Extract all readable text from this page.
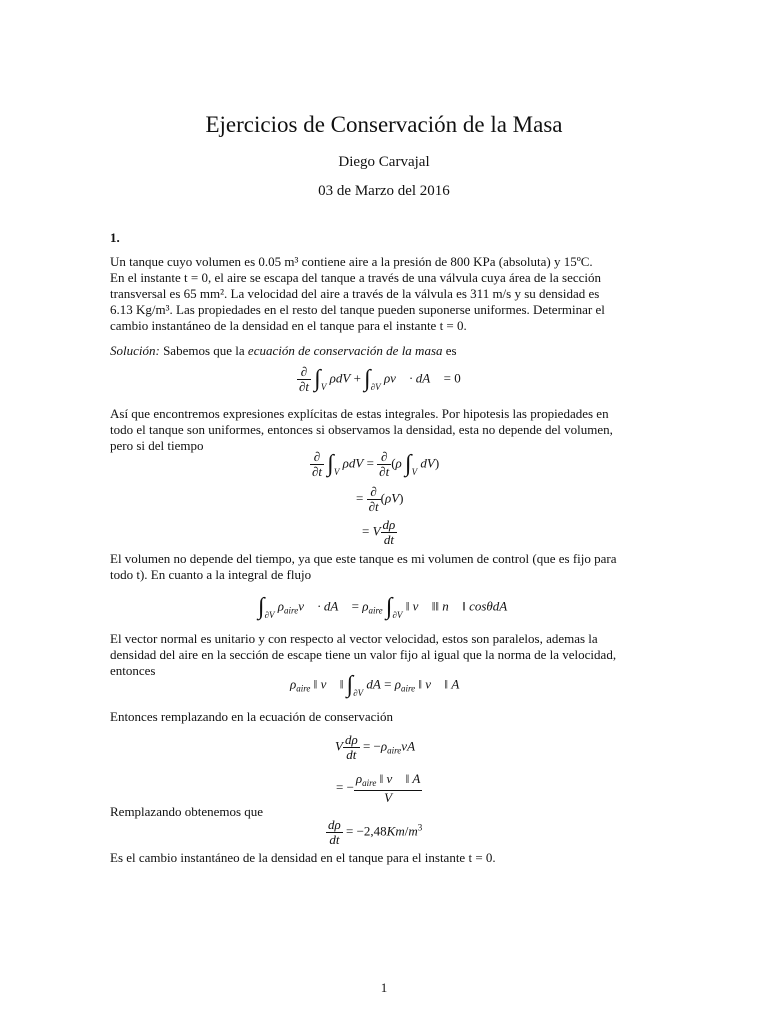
Ejercicios de Conservación de la Masa
Diego Carvajal
03 de Marzo del 2016
1.
Un tanque cuyo volumen es 0.05 m³ contiene aire a la presión de 800 KPa (absoluta) y 15ºC.
En el instante t = 0, el aire se escapa del tanque a través de una válvula cuya área de la sección
transversal es 65 mm². La velocidad del aire a través de la válvula es 311 m/s y su densidad es
6.13 Kg/m³. Las propiedades en el resto del tanque pueden suponerse uniformes. Determinar el
cambio instantáneo de la densidad en el tanque para el instante t = 0.
Solución: Sabemos que la ecuación de conservación de la masa es
$\frac{\partial}{\partial t} \int_V$ $\rho dV + \int_{\partial V}$ ρv⃗ · dA⃗ = 0
Así que encontremos expresiones explícitas de estas integrales. Por hipotesis las propiedades en
todo el tanque son uniformes, entonces si observamos la densidad, esta no depende del volumen,
pero si del tiempo
$\frac{\partial}{\partial t} \int_V$ $\rho dV = \frac{\partial}{\partial t} (\rho$ $\int_V$ dV)
= $\frac{\partial}{\partial t} (\rho V)$
= V $\frac{d\rho}{dt}$
El volumen no depende del tiempo, ya que este tanque es mi volumen de control (que es fijo para
todo t). En cuanto a la integral de flujo
$\int_{\partial V}$ $\rho_{aire}v⃗$ · dA⃗ = $\rho_{aire}$ $\int_{\partial V}$ ‖ v⃗ ‖‖ n⃗ ‖ cosθdA
El vector normal es unitario y con respecto al vector velocidad, estos son paralelos, ademas la
densidad del aire en la sección de escape tiene un valor fijo al igual que la norma de la velocidad,
entonces
$\rho_{aire}$ ‖ v⃗ ‖ $\int_{\partial V}$ dA = $\rho_{aire}$ ‖ v⃗ ‖ A
Entonces remplazando en la ecuación de conservación
V $\frac{d\rho}{dt} = -\rho_{aire}vA$
= − $\frac{\rho_{aire} ‖ v⃗ ‖ A}{V}$
Remplazando obtenemos que
$\frac{d\rho}{dt} = -2,48Km/m^3$
Es el cambio instantáneo de la densidad en el tanque para el instante t = 0.
1
